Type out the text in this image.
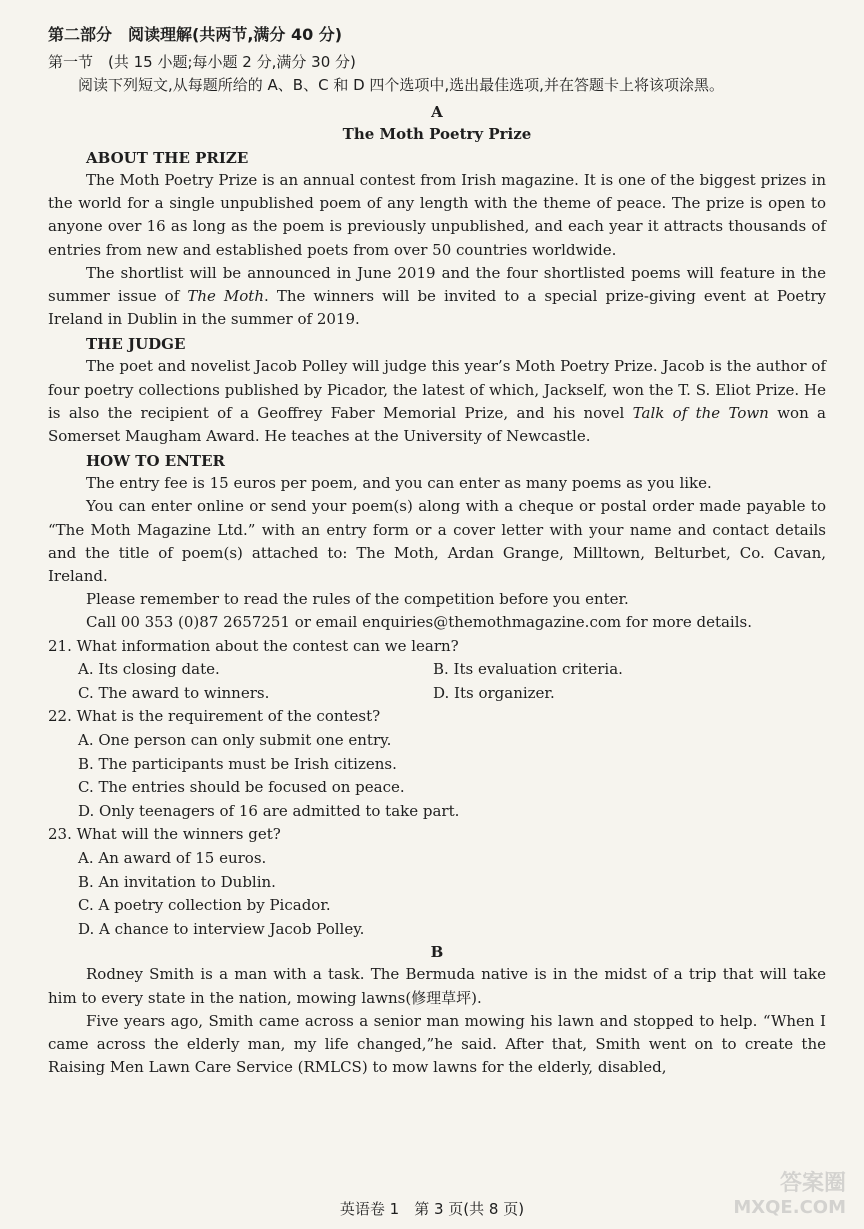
第二部分　阅读理解(共两节,满分 40 分)
第一节　(共 15 小题;每小题 2 分,满分 30 分)
阅读下列短文,从每题所给的 A、B、C 和 D 四个选项中,选出最佳选项,并在答题卡上将该项涂黑。
A
The Moth Poetry Prize
ABOUT THE PRIZE

The Moth Poetry Prize is an annual contest from Irish magazine. It is one of the biggest prizes in the world for a single unpublished poem of any length with the theme of peace. The prize is open to anyone over 16 as long as the poem is previously unpublished, and each year it attracts thousands of entries from new and established poets from over 50 countries worldwide.

The shortlist will be announced in June 2019 and the four shortlisted poems will feature in the summer issue of The Moth. The winners will be invited to a special prize-giving event at Poetry Ireland in Dublin in the summer of 2019.

THE JUDGE

The poet and novelist Jacob Polley will judge this year’s Moth Poetry Prize. Jacob is the author of four poetry collections published by Picador, the latest of which, Jackself, won the T. S. Eliot Prize. He is also the recipient of a Geoffrey Faber Memorial Prize, and his novel Talk of the Town won a Somerset Maugham Award. He teaches at the University of Newcastle.

HOW TO ENTER

The entry fee is 15 euros per poem, and you can enter as many poems as you like.

You can enter online or send your poem(s) along with a cheque or postal order made payable to “The Moth Magazine Ltd.” with an entry form or a cover letter with your name and contact details and the title of poem(s) attached to: The Moth, Ardan Grange, Milltown, Belturbet, Co. Cavan, Ireland.

Please remember to read the rules of the competition before you enter.

Call 00 353 (0)87 2657251 or email enquiries@themothmagazine.com for more details.

21. What information about the contest can we learn?
A. Its closing date.	B. Its evaluation criteria.
C. The award to winners.	D. Its organizer.
22. What is the requirement of the contest?
A. One person can only submit one entry.
B. The participants must be Irish citizens.
C. The entries should be focused on peace.
D. Only teenagers of 16 are admitted to take part.
23. What will the winners get?
A. An award of 15 euros.
B. An invitation to Dublin.
C. A poetry collection by Picador.
D. A chance to interview Jacob Polley.
B

Rodney Smith is a man with a task. The Bermuda native is in the midst of a trip that will take him to every state in the nation, mowing lawns(修理草坪).

Five years ago, Smith came across a senior man mowing his lawn and stopped to help. “When I came across the elderly man, my life changed,”he said. After that, Smith went on to create the Raising Men Lawn Care Service (RMLCS) to mow lawns for the elderly, disabled,

英语卷 1　第 3 页(共 8 页)
答案圈
MXQE.COM
